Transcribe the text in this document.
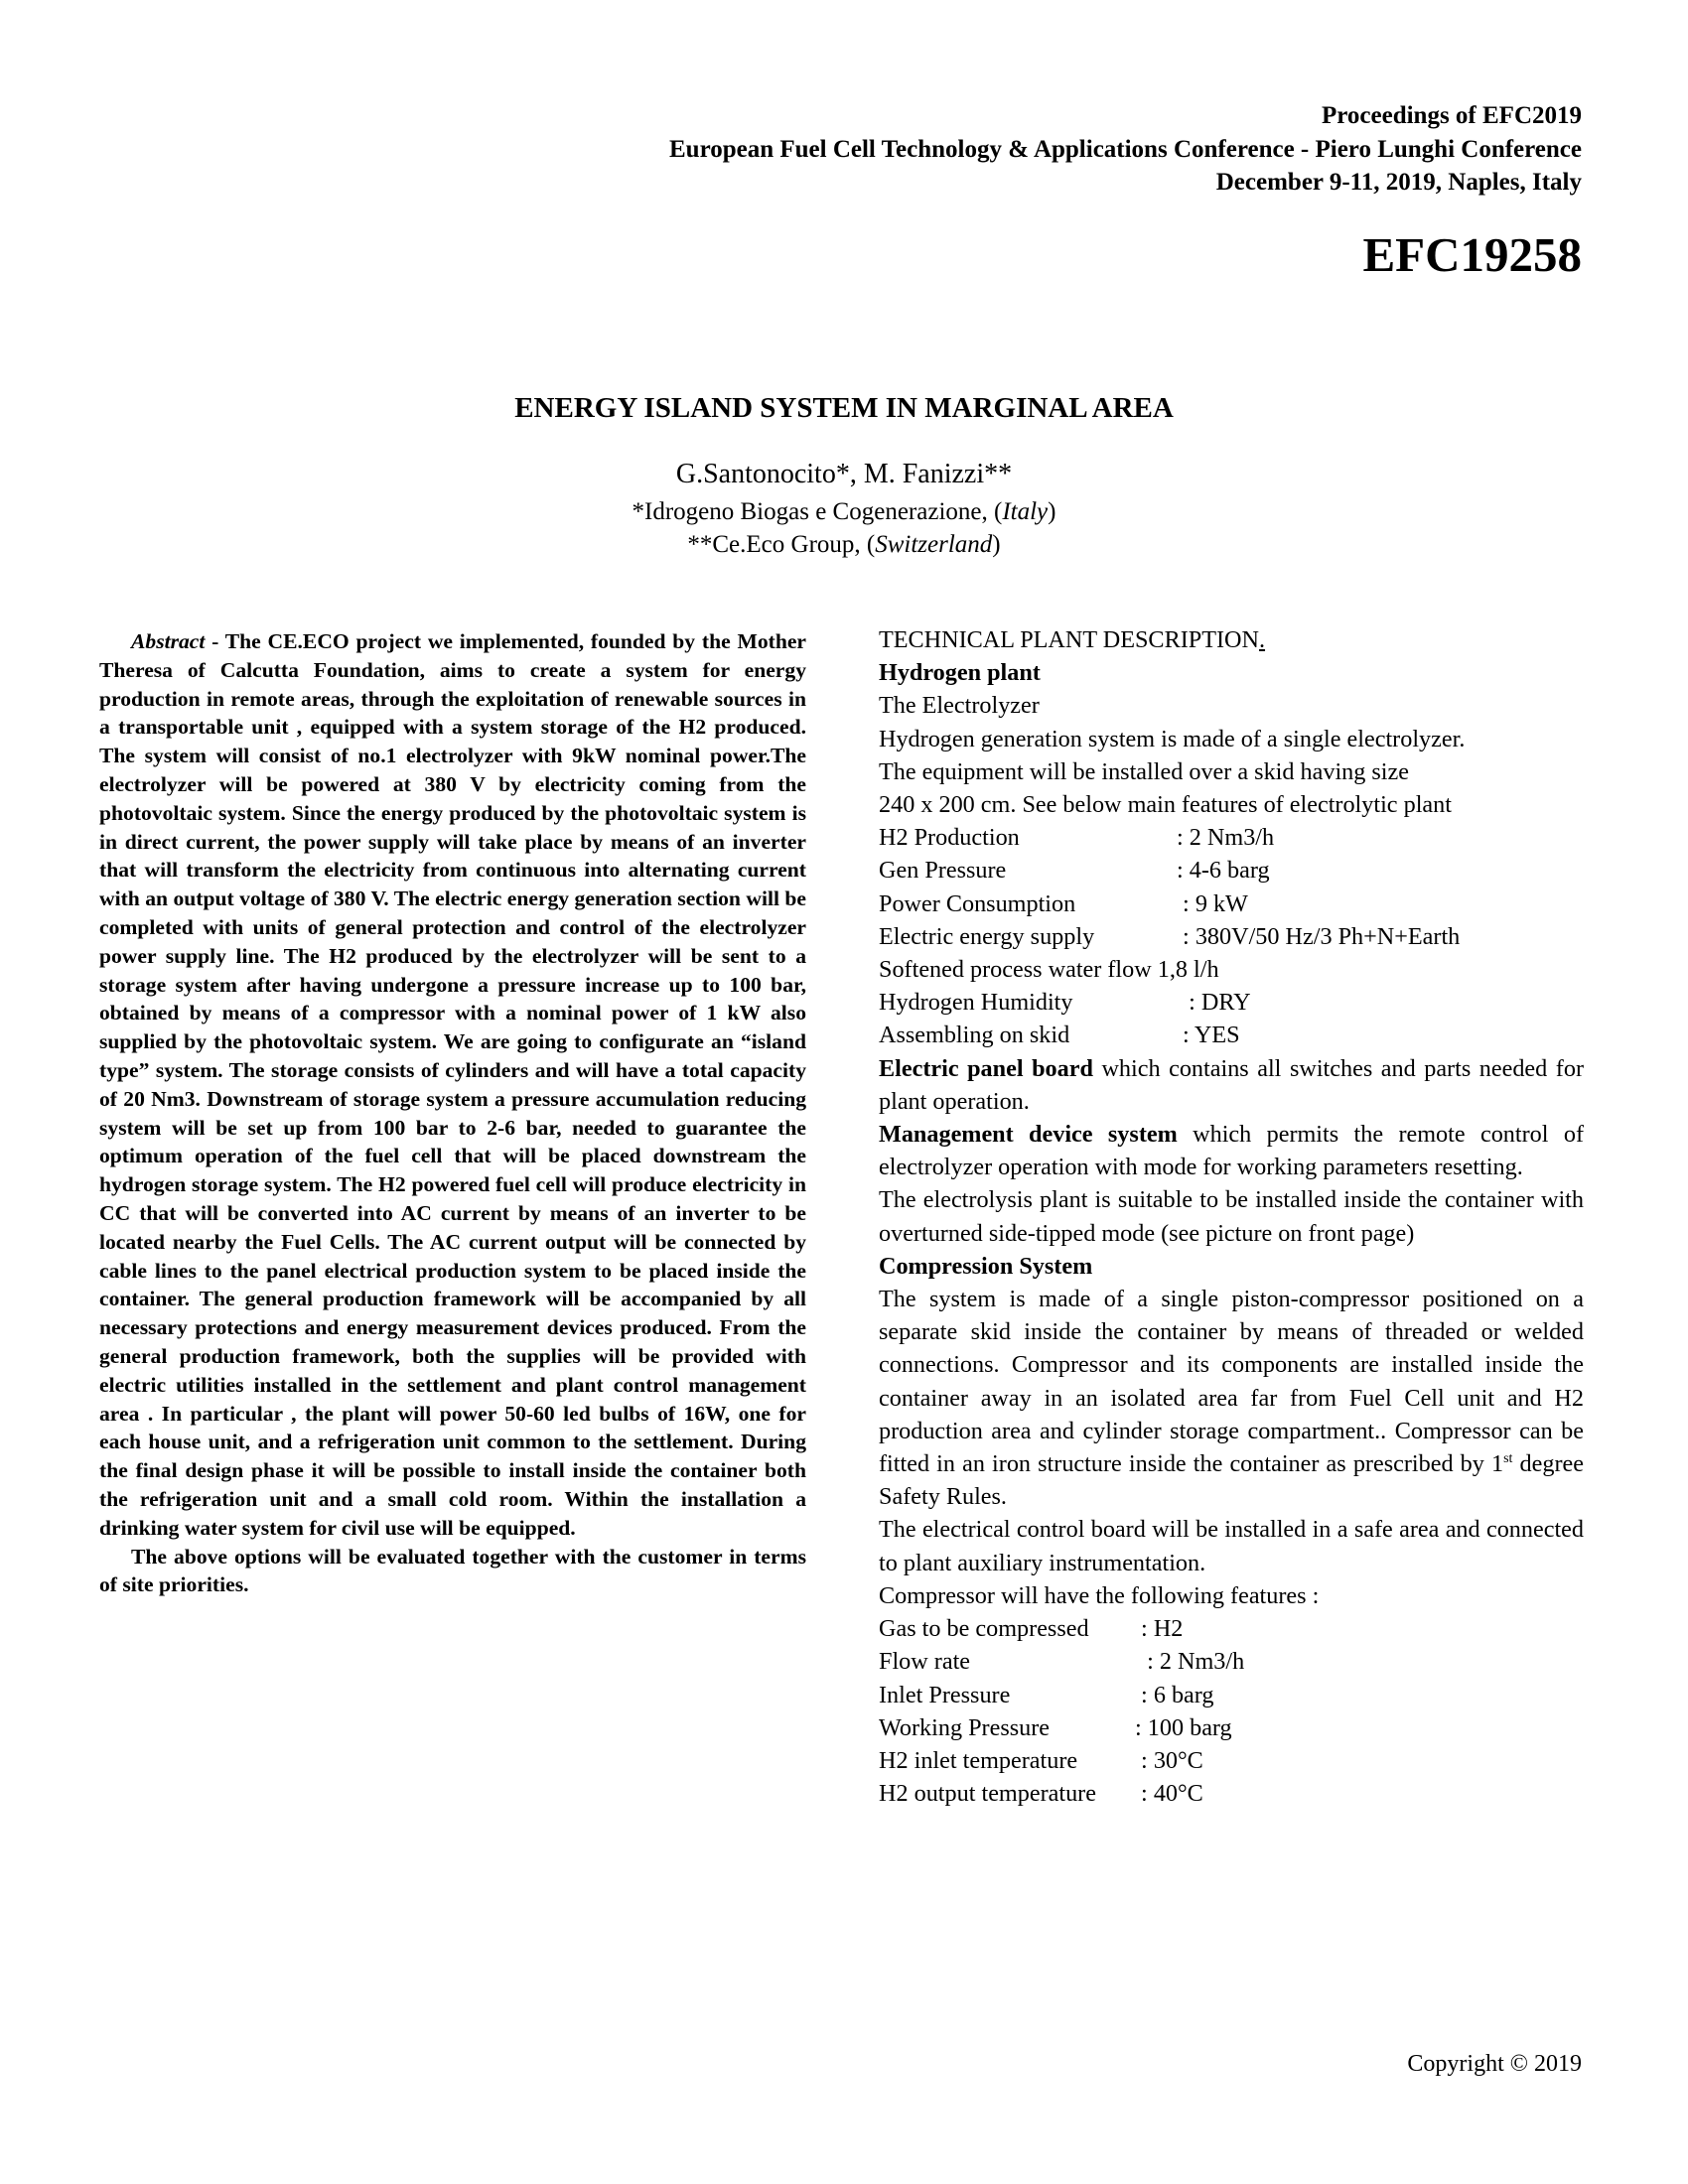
Proceedings of EFC2019
European Fuel Cell Technology & Applications Conference - Piero Lunghi Conference
December 9-11, 2019, Naples, Italy
EFC19258
ENERGY ISLAND SYSTEM IN MARGINAL AREA
G.Santonocito*, M. Fanizzi**
*Idrogeno Biogas e Cogenerazione, (Italy)
**Ce.Eco Group, (Switzerland)

Abstract - The CE.ECO project we implemented, founded by the Mother Theresa of Calcutta Foundation, aims to create a system for energy production in remote areas, through the exploitation of renewable sources in a transportable unit , equipped with a system storage of the H2 produced. The system will consist of no.1 electrolyzer with 9kW nominal power.The electrolyzer will be powered at 380 V by electricity coming from the photovoltaic system. Since the energy produced by the photovoltaic system is in direct current, the power supply will take place by means of an inverter that will transform the electricity from continuous into alternating current with an output voltage of 380 V. The electric energy generation section will be completed with units of general protection and control of the electrolyzer power supply line. The H2 produced by the electrolyzer will be sent to a storage system after having undergone a pressure increase up to 100 bar, obtained by means of a compressor with a nominal power of 1 kW also supplied by the photovoltaic system. We are going to configurate an “island type” system. The storage consists of cylinders and will have a total capacity of 20 Nm3. Downstream of storage system a pressure accumulation reducing system will be set up from 100 bar to 2-6 bar, needed to guarantee the optimum operation of the fuel cell that will be placed downstream the hydrogen storage system. The H2 powered fuel cell will produce electricity in CC that will be converted into AC current by means of an inverter to be located nearby the Fuel Cells. The AC current output will be connected by cable lines to the panel electrical production system to be placed inside the container. The general production framework will be accompanied by all necessary protections and energy measurement devices produced. From the general production framework, both the supplies will be provided with electric utilities installed in the settlement and plant control management area . In particular , the plant will power 50-60 led bulbs of 16W, one for each house unit, and a refrigeration unit common to the settlement. During the final design phase it will be possible to install inside the container both the refrigeration unit and a small cold room. Within the installation a drinking water system for civil use will be equipped.

The above options will be evaluated together with the customer in terms of site priorities.

TECHNICAL PLANT DESCRIPTION.

Hydrogen plant

The Electrolyzer

Hydrogen generation system is made of a single electrolyzer.

The equipment will be installed over a skid having size

240 x 200 cm. See below main features of electrolytic plant

H2 Production	: 2 Nm3/h
Gen Pressure	: 4-6 barg
Power Consumption	: 9 kW
Electric energy supply	: 380V/50 Hz/3 Ph+N+Earth

Softened process water flow 1,8 l/h

Hydrogen Humidity	: DRY
Assembling on skid	: YES

Electric panel board which contains all switches and parts needed for plant operation.

Management device system which permits the remote control of electrolyzer operation with mode for working parameters resetting.

The electrolysis plant is suitable to be installed inside the container with overturned side-tipped mode (see picture on front page)

Compression System

The system is made of a single piston-compressor positioned on a separate skid inside the container by means of threaded or welded connections. Compressor and its components are installed inside the container away in an isolated area far from Fuel Cell unit and H2 production area and cylinder storage compartment.. Compressor can be fitted in an iron structure inside the container as prescribed by 1st degree Safety Rules.

The electrical control board will be installed in a safe area and connected to plant auxiliary instrumentation.

Compressor will have the following features :

Gas to be compressed	: H2
Flow rate	: 2 Nm3/h
Inlet Pressure	: 6 barg
Working Pressure	: 100 barg
H2 inlet temperature	: 30°C
H2 output temperature	: 40°C
Copyright © 2019
